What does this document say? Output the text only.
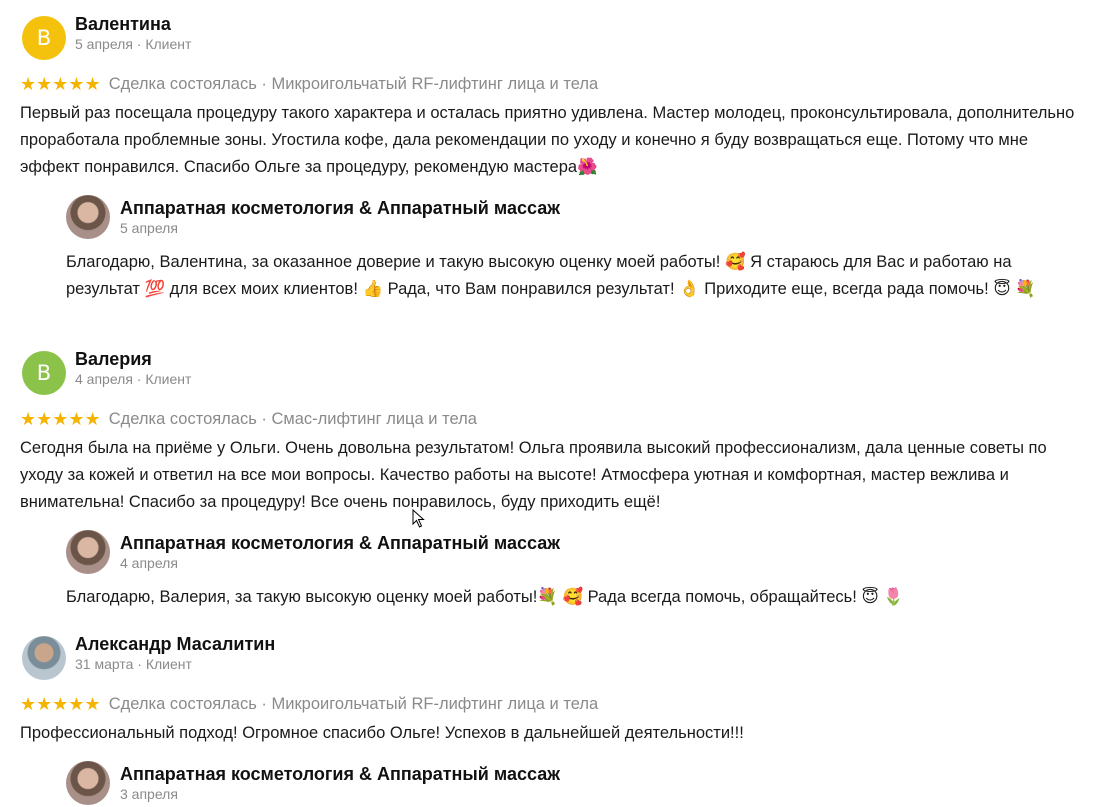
В
Валентина
5 апреля · Клиент
★★★★★ Сделка состоялась · Микроигольчатый RF-лифтинг лица и тела
Первый раз посещала процедуру такого характера и осталась приятно удивлена. Мастер молодец, проконсультировала, дополнительно проработала проблемные зоны. Угостила кофе, дала рекомендации по уходу и конечно я буду возвращаться еще. Потому что мне эффект понравился. Спасибо Ольге за процедуру, рекомендую мастера🌺
Аппаратная косметология & Аппаратный массаж
5 апреля
Благодарю, Валентина, за оказанное доверие и такую высокую оценку моей работы! 🥰 Я стараюсь для Вас и работаю на результат 💯 для всех моих клиентов! 👍 Рада, что Вам понравился результат! 👌 Приходите еще, всегда рада помочь! 😇 💐
В
Валерия
4 апреля · Клиент
★★★★★ Сделка состоялась · Смас-лифтинг лица и тела
Сегодня была на приёме у Ольги. Очень довольна результатом! Ольга проявила высокий профессионализм, дала ценные советы по уходу за кожей и ответил на все мои вопросы. Качество работы на высоте! Атмосфера уютная и комфортная, мастер вежлива и внимательна! Спасибо за процедуру! Все очень понравилось, буду приходить ещё!
Аппаратная косметология & Аппаратный массаж
4 апреля
Благодарю, Валерия, за такую высокую оценку моей работы!💐 🥰 Рада всегда помочь, обращайтесь! 😇 🌷
Александр Масалитин
31 марта · Клиент
★★★★★ Сделка состоялась · Микроигольчатый RF-лифтинг лица и тела
Профессиональный подход! Огромное спасибо Ольге! Успехов в дальнейшей деятельности!!!
Аппаратная косметология & Аппаратный массаж
3 апреля
